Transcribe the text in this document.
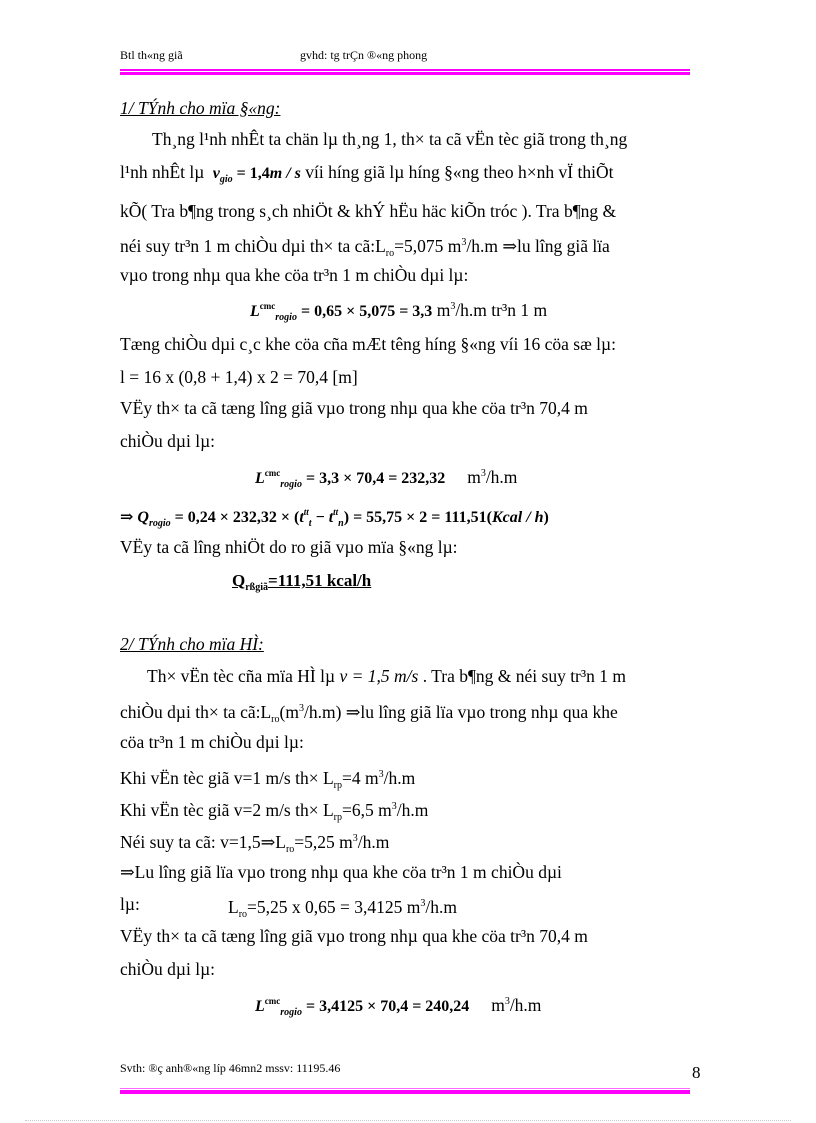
Btl th«ng giã	gvhd: tg trÇn ®«ng phong
1/ TÝnh cho mïa §«ng:
Th¸ng l¹nh nhÊt ta chän lµ th¸ng 1, th× ta cã vËn tèc giã trong th¸ng
l¹nh nhÊt lµ $v_{gio} = 1,4m / s$ víi híng giã lµ híng §«ng theo h×nh vÏ thiÕt
kÕ( Tra b¶ng trong s¸ch nhiÖt & khÝ hËu häc kiÕn tróc ). Tra b¶ng &
néi suy tr³n 1 m chiÒu dµi th× ta $cã:L_{ro}=5,075$ $m^3/h.m$ ⇒lu lîng giã lïa
vµo trong nhµ qua khe cöa tr³n 1 m chiÒu dµi lµ:
$L^{cmc}_{rogio} = 0,65 \times 5,075 = 3,3$ $m^3/h.m$ tr³n 1 m
Tæng chiÒu dµi c¸c khe cöa cña mÆt têng híng §«ng víi 16 cöa sæ lµ:
l = 16 x (0,8 + 1,4) x 2 = 70,4 [m]
VËy th× ta cã tæng lîng giã vµo trong nhµ qua khe cöa tr³n 70,4 m
chiÒu dµi lµ:
$L^{cmc}_{rogio} = 3,3 \times 70,4 = 232,32$ $m^3/h.m$
⇒ $Q_{rogio} = 0,24 \times 232,32 \times (t^{tt}_t - t^{tt}_n) = 55,75 \times 2$ = 111,51(Kcal / h)
VËy ta cã lîng nhiÖt do ro giã vµo mïa §«ng lµ:
$Q_{rßgiã}=111,51$ kcal/h
2/ TÝnh cho mïa HÌ:
Th× vËn tèc cña mïa HÌ lµ v = 1,5 m/s . Tra b¶ng & néi suy tr³n 1 m
chiÒu dµi th× ta $cã:L_{ro}(m^3/h.m)$ ⇒lu lîng giã lïa vµo trong nhµ qua khe
cöa tr³n 1 m chiÒu dµi lµ:
Khi vËn tèc giã v=1 m/s $th\times L_{rp}=4$ $m^3/h.m$
Khi vËn tèc giã v=2 m/s $th\times L_{rp}=6,5$ $m^3/h.m$
Néi suy ta cã: $v=1,5\Rightarrow L_{ro}=5,25$ $m^3/h.m$
⇒Lu lîng giã lïa vµo trong nhµ qua khe cöa tr³n 1 m chiÒu dµi
lµ:	$L_{ro}=5,25$ x 0,65 = 3,4125 $m^3/h.m$
VËy th× ta cã tæng lîng giã vµo trong nhµ qua khe cöa tr³n 70,4 m
chiÒu dµi lµ:
$L^{cmc}_{rogio} = 3,4125 \times 70,4 = 240,24$ $m^3/h.m$
Svth: ®ç anh®«ng líp 46mn2 mssv: 11195.46	8
